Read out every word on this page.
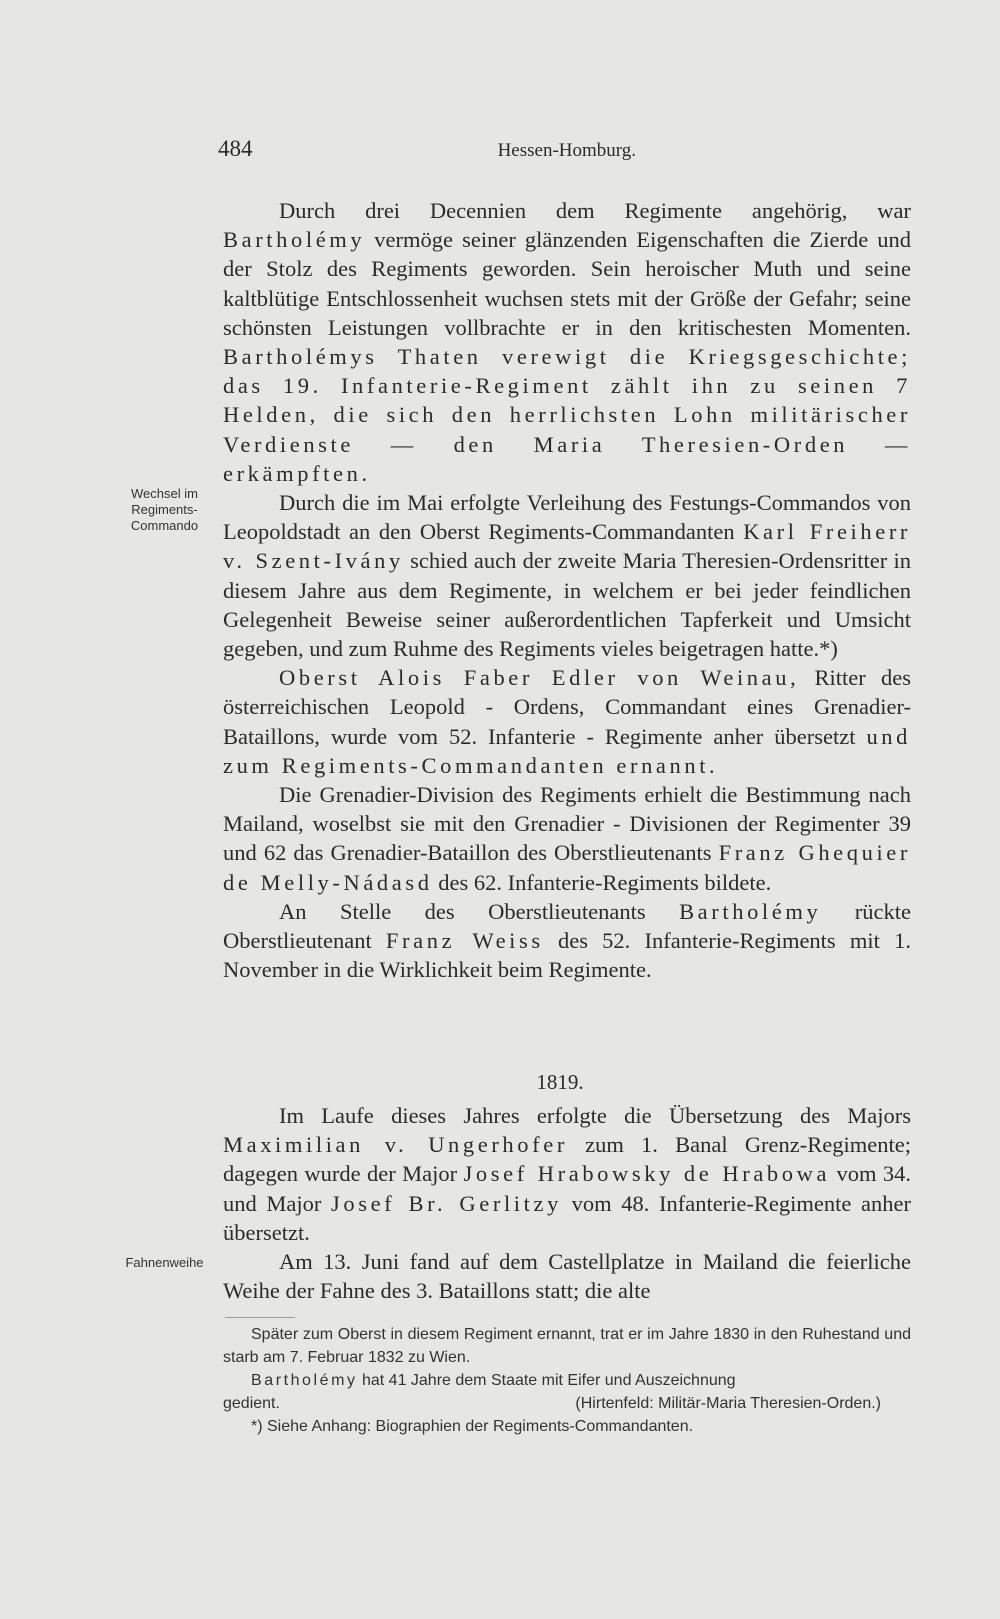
484	Hessen-Homburg.
Wechsel im
Regiments-
Commando
Fahnenweihe

Durch drei Decennien dem Regimente angehörig, war Bartholémy vermöge seiner glänzenden Eigenschaften die Zierde und der Stolz des Regiments geworden. Sein heroischer Muth und seine kaltblütige Entschlossenheit wuchsen stets mit der Größe der Gefahr; seine schönsten Leistungen vollbrachte er in den kritischesten Momenten. Bartholémys Thaten verewigt die Kriegsgeschichte; das 19. Infanterie-Regiment zählt ihn zu seinen 7 Helden, die sich den herrlichsten Lohn militärischer Verdienste — den Maria Theresien-Orden — erkämpften.

Durch die im Mai erfolgte Verleihung des Festungs-Commandos von Leopoldstadt an den Oberst Regiments-Commandanten Karl Freiherr v. Szent-Ivány schied auch der zweite Maria Theresien-Ordensritter in diesem Jahre aus dem Regimente, in welchem er bei jeder feindlichen Gelegenheit Beweise seiner außerordentlichen Tapferkeit und Umsicht gegeben, und zum Ruhme des Regiments vieles beigetragen hatte.*)

Oberst Alois Faber Edler von Weinau, Ritter des österreichischen Leopold - Ordens, Commandant eines Grenadier-Bataillons, wurde vom 52. Infanterie - Regimente anher übersetzt und zum Regiments-Commandanten ernannt.

Die Grenadier-Division des Regiments erhielt die Bestimmung nach Mailand, woselbst sie mit den Grenadier - Divisionen der Regimenter 39 und 62 das Grenadier-Bataillon des Oberstlieutenants Franz Ghequier de Melly-Nádasd des 62. Infanterie-Regiments bildete.

An Stelle des Oberstlieutenants Bartholémy rückte Oberstlieutenant Franz Weiss des 52. Infanterie-Regiments mit 1. November in die Wirklichkeit beim Regimente.

1819.

Im Laufe dieses Jahres erfolgte die Übersetzung des Majors Maximilian v. Ungerhofer zum 1. Banal Grenz-Regimente; dagegen wurde der Major Josef Hrabowsky de Hrabowa vom 34. und Major Josef Br. Gerlitzy vom 48. Infanterie-Regimente anher übersetzt.

Am 13. Juni fand auf dem Castellplatze in Mailand die feierliche Weihe der Fahne des 3. Bataillons statt; die alte

Später zum Oberst in diesem Regiment ernannt, trat er im Jahre 1830 in den Ruhestand und starb am 7. Februar 1832 zu Wien.

Bartholémy hat 41 Jahre dem Staate mit Eifer und Auszeichnung

gedient.	(Hirtenfeld: Militär-Maria Theresien-Orden.)

*) Siehe Anhang: Biographien der Regiments-Commandanten.
